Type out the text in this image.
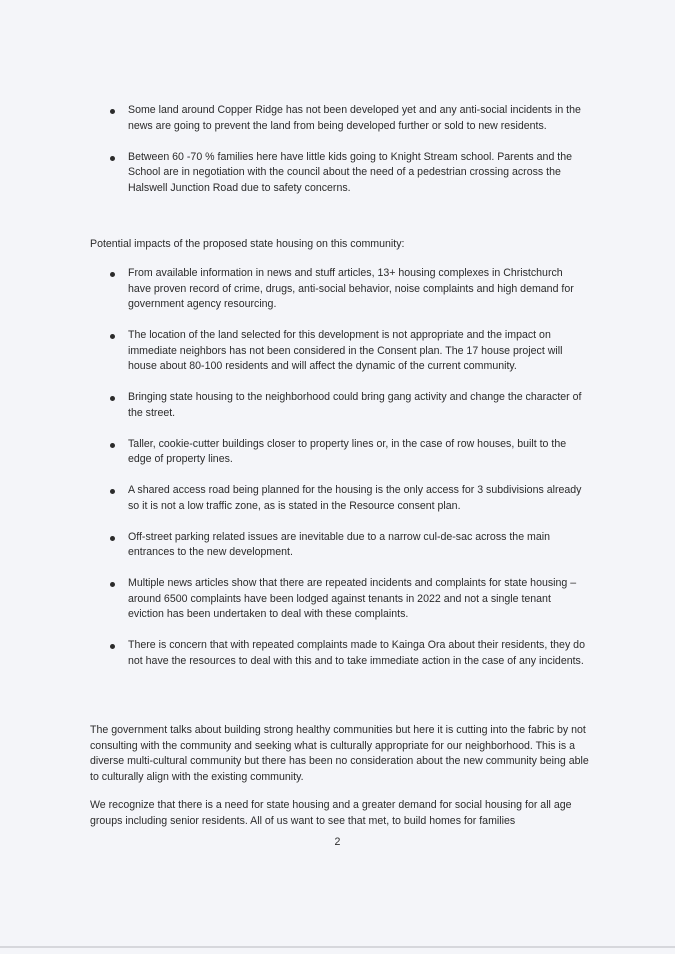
Some land around Copper Ridge has not been developed yet and any anti-social incidents in the news are going to prevent the land from being developed further or sold to new residents.
Between 60 -70 % families here have little kids going to Knight Stream school. Parents and the School are in negotiation with the council about the need of a pedestrian crossing across the Halswell Junction Road due to safety concerns.

Potential impacts of the proposed state housing on this community:

From available information in news and stuff articles, 13+ housing complexes in Christchurch have proven record of crime, drugs, anti-social behavior, noise complaints and high demand for government agency resourcing.
The location of the land selected for this development is not appropriate and the impact on immediate neighbors has not been considered in the Consent plan. The 17 house project will house about 80-100 residents and will affect the dynamic of the current community.
Bringing state housing to the neighborhood could bring gang activity and change the character of the street.
Taller, cookie-cutter buildings closer to property lines or, in the case of row houses, built to the edge of property lines.
A shared access road being planned for the housing is the only access for 3 subdivisions already so it is not a low traffic zone, as is stated in the Resource consent plan.
Off-street parking related issues are inevitable due to a narrow cul-de-sac across the main entrances to the new development.
Multiple news articles show that there are repeated incidents and complaints for state housing – around 6500 complaints have been lodged against tenants in 2022 and not a single tenant eviction has been undertaken to deal with these complaints.
There is concern that with repeated complaints made to Kainga Ora about their residents, they do not have the resources to deal with this and to take immediate action in the case of any incidents.

The government talks about building strong healthy communities but here it is cutting into the fabric by not consulting with the community and seeking what is culturally appropriate for our neighborhood. This is a diverse multi-cultural community but there has been no consideration about the new community being able to culturally align with the existing community.

We recognize that there is a need for state housing and a greater demand for social housing for all age groups including senior residents. All of us want to see that met, to build homes for families

2
